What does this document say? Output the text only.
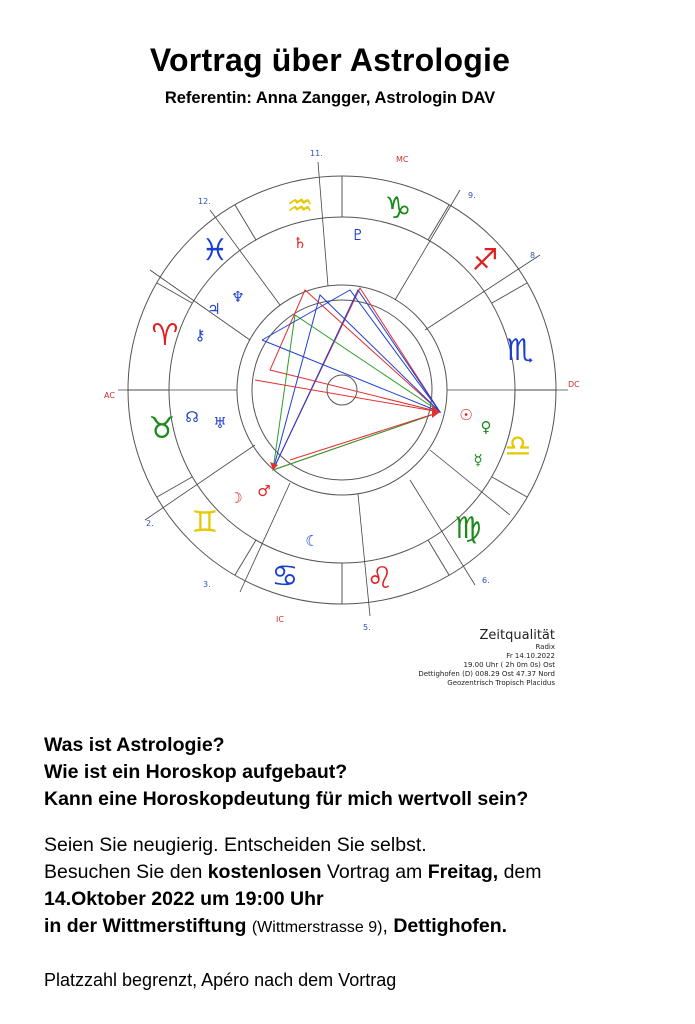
Vortrag über Astrologie
Referentin: Anna Zangger, Astrologin DAV
♒ ♑
♐
♏
♎
♍
♌
♋
♊
♉
♈
♓	♄	♇
♃
♆
⚷
☊ ♅
☽ ♂
☾
☉
♀
☿
11.
12.
2.
3.
5.
6.
8.
9.
AC
DC
MC
IC
Zeitqualität
Radix
Fr 14.10.2022
19.00 Uhr ( 2h 0m 0s) Ost
Dettighofen (D) 008.29 Ost 47.37 Nord
Geozentrisch Tropisch Placidus
Was ist Astrologie?
Wie ist ein Horoskop aufgebaut?
Kann eine Horoskopdeutung für mich wertvoll sein?
Seien Sie neugierig. Entscheiden Sie selbst.
Besuchen Sie den kostenlosen Vortrag am Freitag, dem
14.Oktober 2022 um 19:00 Uhr
in der Wittmerstiftung (Wittmerstrasse 9), Dettighofen.
Platzzahl begrenzt, Apéro nach dem Vortrag
